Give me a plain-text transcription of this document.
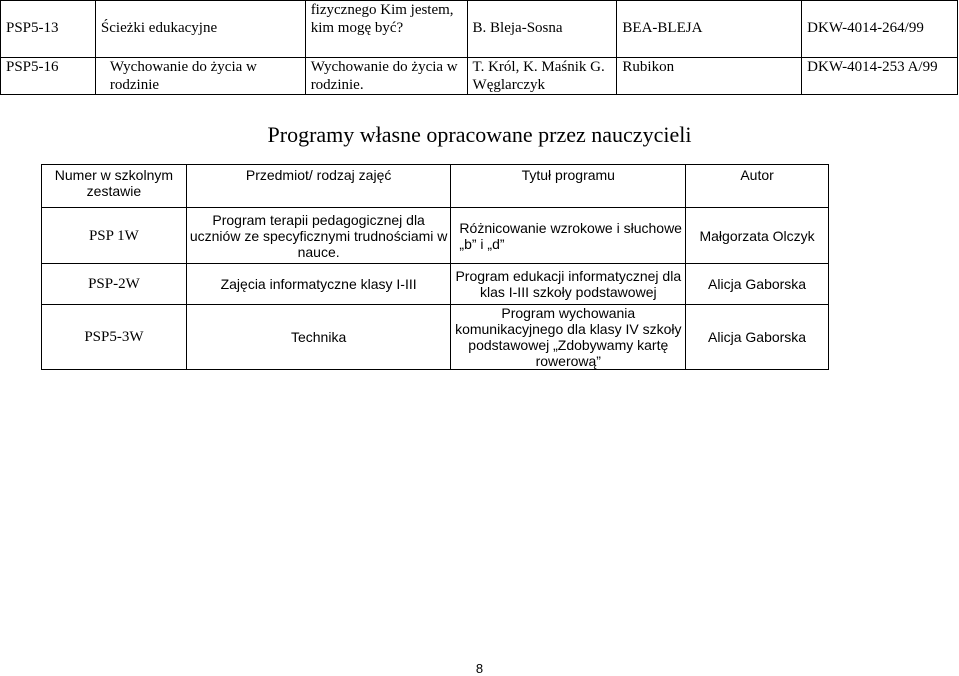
PSP5-13	Ścieżki edukacyjne	fizycznego Kim jestem, kim mogę być?	B. Bleja-Sosna	BEA-BLEJA	DKW-4014-264/99
PSP5-16	Wychowanie do życia w rodzinie	Wychowanie do życia w rodzinie.	T. Król, K. Maśnik G. Węglarczyk	Rubikon	DKW-4014-253 A/99
Programy własne opracowane przez nauczycieli
Numer w szkolnym zestawie	Przedmiot/ rodzaj zajęć	Tytuł programu	Autor
PSP 1W	Program terapii pedagogicznej dla uczniów ze specyficznymi trudnościami w nauce.	Różnicowanie wzrokowe i słuchowe „b” i „d”	Małgorzata Olczyk
PSP-2W	Zajęcia informatyczne klasy I-III	Program edukacji informatycznej dla klas I-III szkoły podstawowej	Alicja Gaborska
PSP5-3W	Technika	Program wychowania komunikacyjnego dla klasy IV szkoły podstawowej „Zdobywamy kartę rowerową”	Alicja Gaborska
8
